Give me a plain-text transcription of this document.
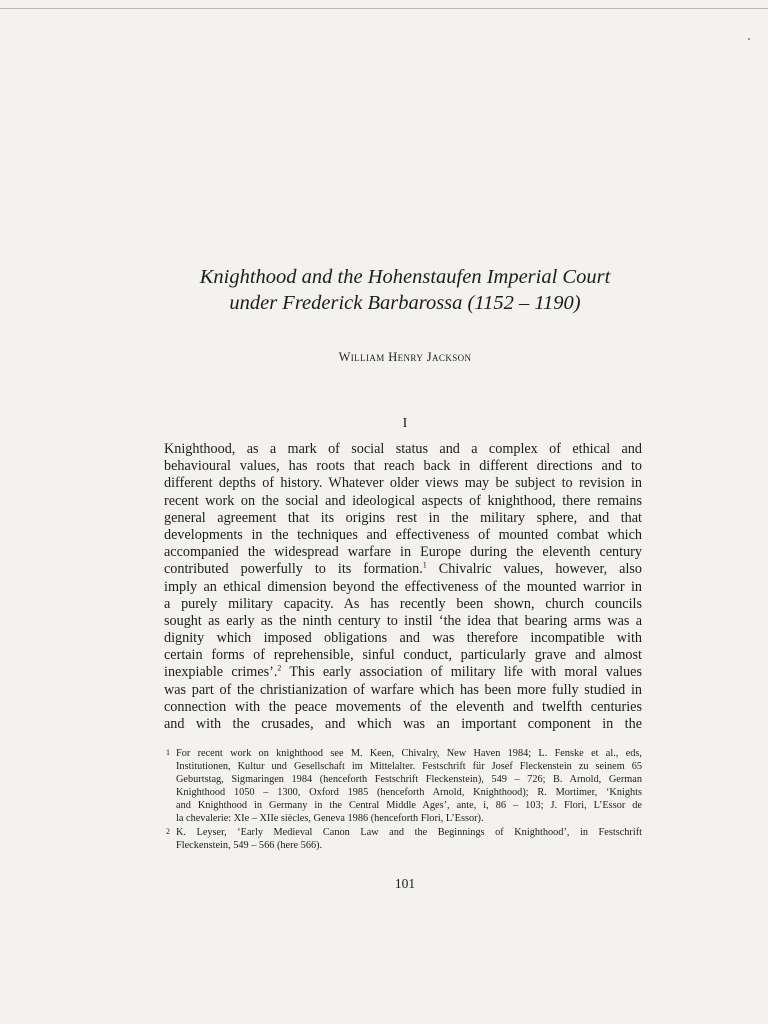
Knighthood and the Hohenstaufen Imperial Court
under Frederick Barbarossa (1152 – 1190)
William Henry Jackson
I
Knighthood, as a mark of social status and a complex of ethical and
behavioural values, has roots that reach back in different directions and to
different depths of history. Whatever older views may be subject to revision in
recent work on the social and ideological aspects of knighthood, there remains
general agreement that its origins rest in the military sphere, and that
developments in the techniques and effectiveness of mounted combat which
accompanied the widespread warfare in Europe during the eleventh century
contributed powerfully to its formation.$^1$ Chivalric values, however, also
imply an ethical dimension beyond the effectiveness of the mounted warrior in
a purely military capacity. As has recently been shown, church councils
sought as early as the ninth century to instil ‘the idea that bearing arms was a
dignity which imposed obligations and was therefore incompatible with
certain forms of reprehensible, sinful conduct, particularly grave and almost
inexpiable crimes’.$^2$ This early association of military life with moral values
was part of the christianization of warfare which has been more fully studied in
connection with the peace movements of the eleventh and twelfth centuries
and with the crusades, and which was an important component in the
1 For recent work on knighthood see M. Keen, Chivalry, New Haven 1984; L. Fenske et al., eds,
Institutionen, Kultur und Gesellschaft im Mittelalter. Festschrift für Josef Fleckenstein zu seinem 65
Geburtstag, Sigmaringen 1984 (henceforth Festschrift Fleckenstein), 549 – 726; B. Arnold, German
Knighthood 1050 – 1300, Oxford 1985 (henceforth Arnold, Knighthood); R. Mortimer, ‘Knights
and Knighthood in Germany in the Central Middle Ages’, ante, i, 86 – 103; J. Flori, L’Essor de
la chevalerie: XIe – XIIe siècles, Geneva 1986 (henceforth Flori, L’Essor).
2 K. Leyser, ‘Early Medieval Canon Law and the Beginnings of Knighthood’, in Festschrift
Fleckenstein, 549 – 566 (here 566).
101
